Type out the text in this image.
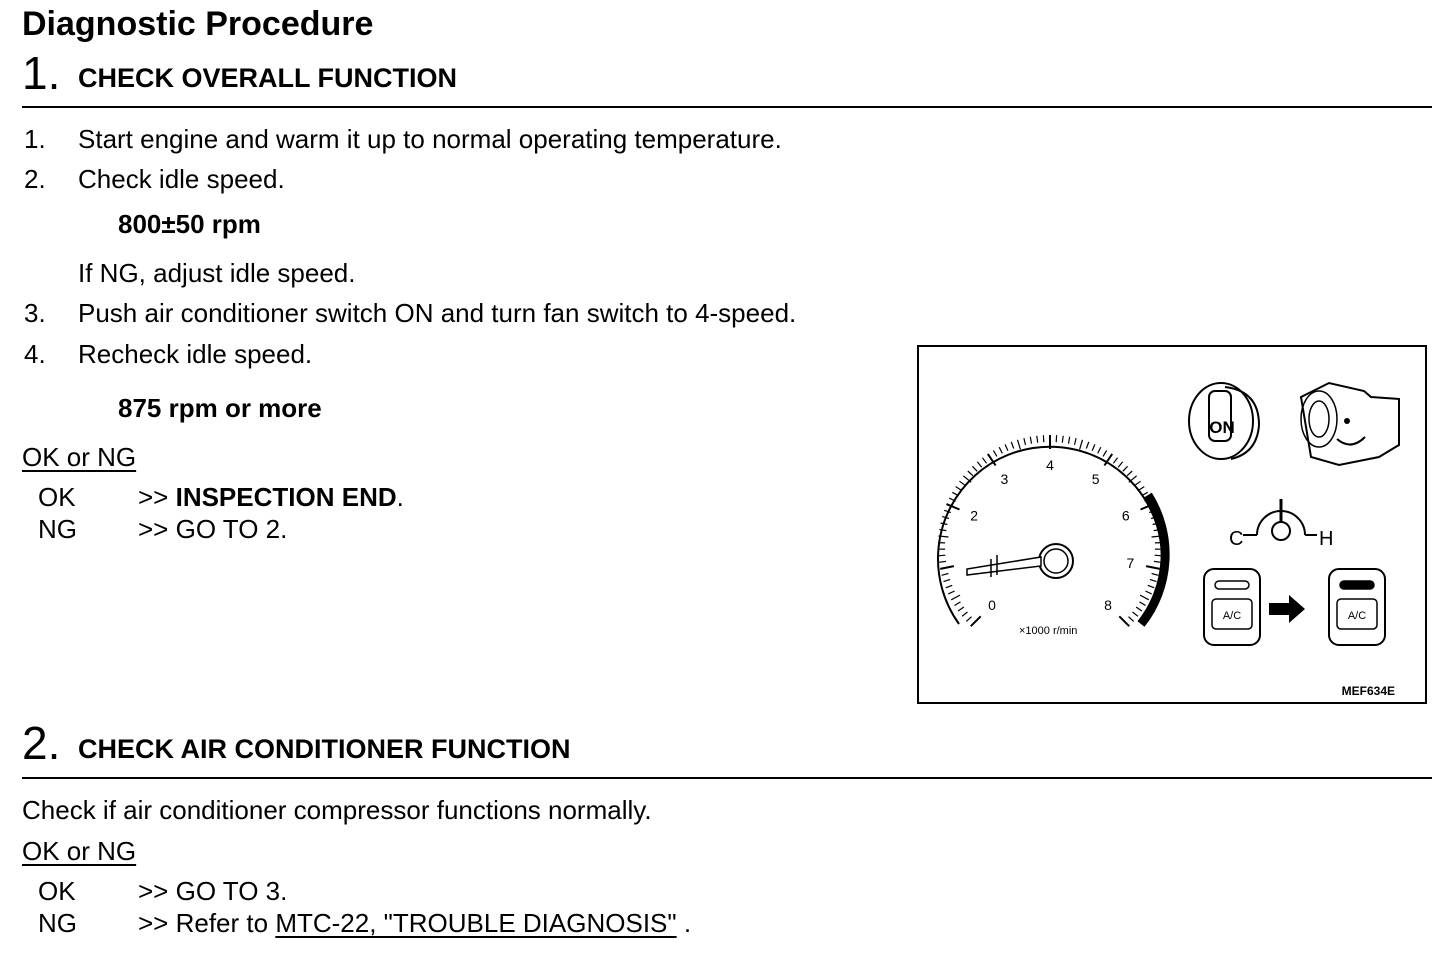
Diagnostic Procedure
1. CHECK OVERALL FUNCTION
1. Start engine and warm it up to normal operating temperature.
2. Check idle speed.
800±50 rpm
If NG, adjust idle speed.
3. Push air conditioner switch ON and turn fan switch to 4-speed.
4. Recheck idle speed.
875 rpm or more
OK or NG
OK >> INSPECTION END.
NG >> GO TO 2.
0
2
3
4
5
6
7
8
×1000 r/min
ON
C	H
A/C	A/C
MEF634E
2. CHECK AIR CONDITIONER FUNCTION
Check if air conditioner compressor functions normally.
OK or NG
OK >> GO TO 3.
NG >> Refer to MTC-22, "TROUBLE DIAGNOSIS" .
